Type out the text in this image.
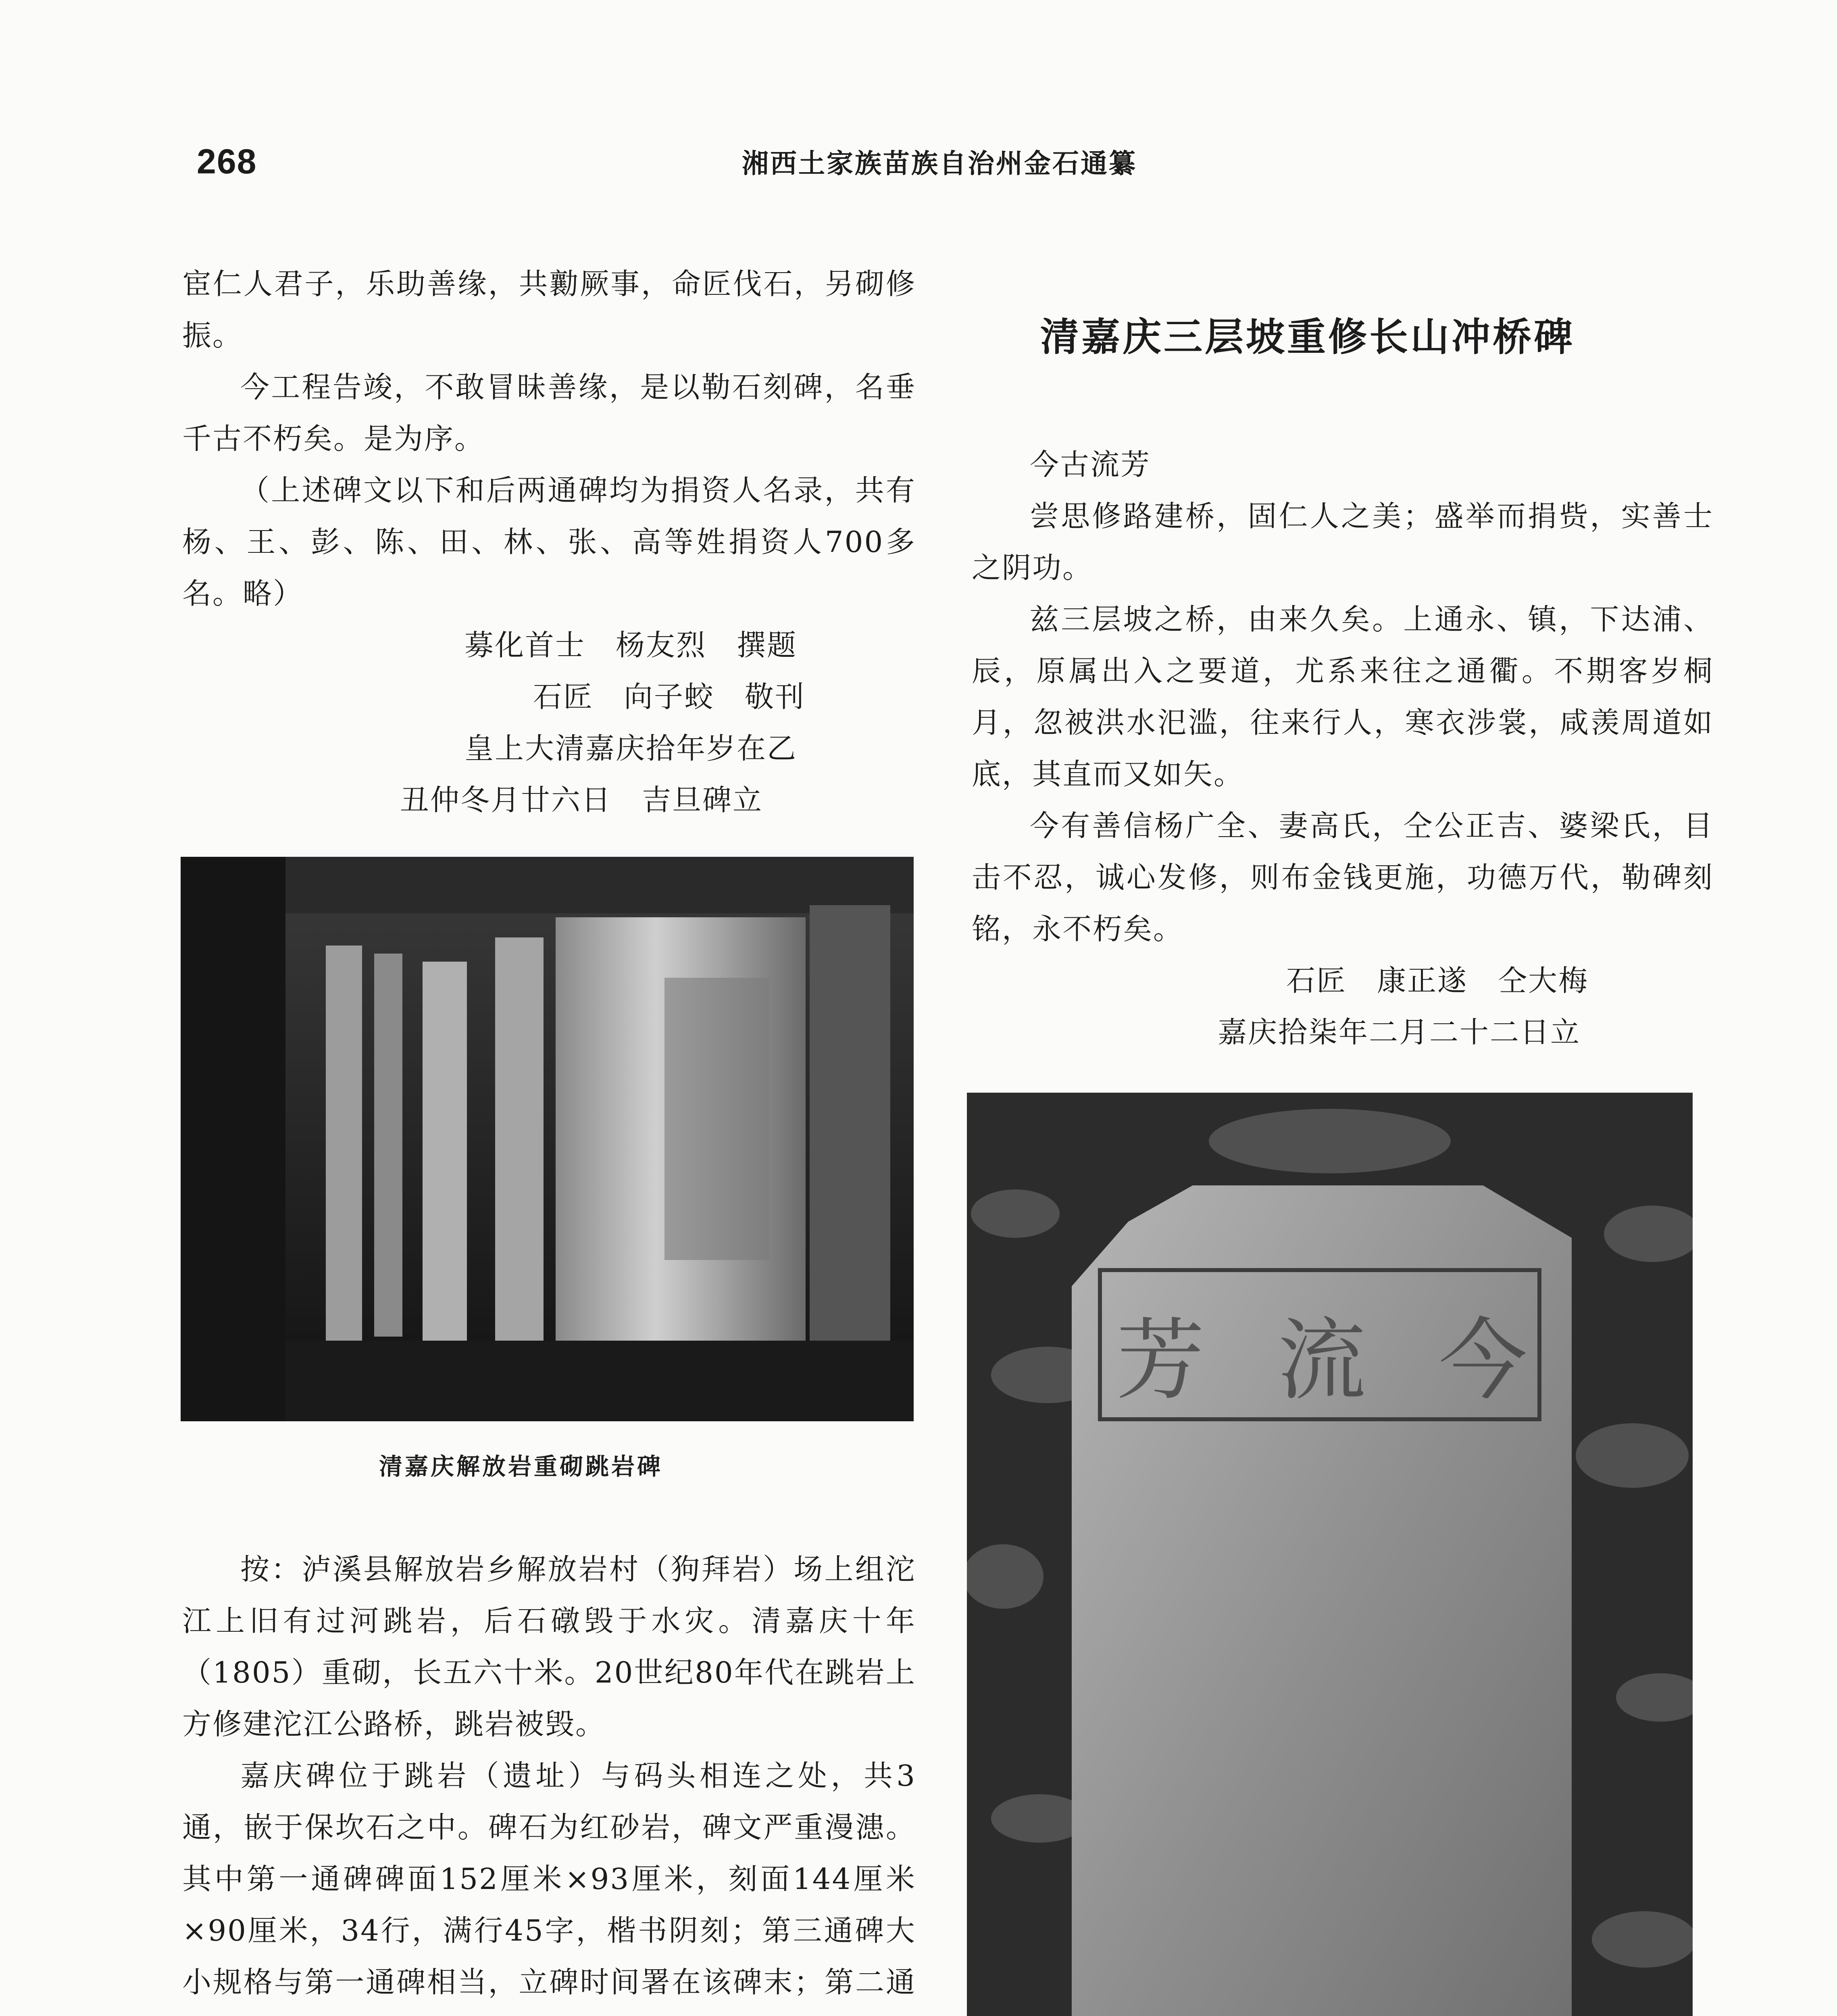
268	湘西土家族苗族自治州金石通纂

宦仁人君子，乐助善缘，共勷厥事，命匠伐石，另砌修振。

今工程告竣，不敢冒昧善缘，是以勒石刻碑，名垂千古不朽矣。是为序。

（上述碑文以下和后两通碑均为捐资人名录，共有杨、王、彭、陈、田、林、张、高等姓捐资人700多名。略）

募化首士　杨友烈　撰题
石匠　向子蛟　敬刊
皇上大清嘉庆拾年岁在乙
丑仲冬月廿六日　吉旦碑立
清嘉庆解放岩重砌跳岩碑

按：泸溪县解放岩乡解放岩村（狗拜岩）场上组沱江上旧有过河跳岩，后石礅毁于水灾。清嘉庆十年（1805）重砌，长五六十米。20世纪80年代在跳岩上方修建沱江公路桥，跳岩被毁。

嘉庆碑位于跳岩（遗址）与码头相连之处，共3通，嵌于保坎石之中。碑石为红砂岩，碑文严重漫漶。其中第一通碑碑面152厘米×93厘米，刻面144厘米×90厘米，34行，满行45字，楷书阴刻；第三通碑大小规格与第一通碑相当，立碑时间署在该碑末；第二通

清嘉庆三层坡重修长山冲桥碑

今古流芳

尝思修路建桥，固仁人之美；盛举而捐赀，实善士之阴功。

兹三层坡之桥，由来久矣。上通永、镇，下达浦、辰，原属出入之要道，尤系来往之通衢。不期客岁桐月，忽被洪水汜滥，往来行人，寒衣涉裳，咸羡周道如底，其直而又如矢。

今有善信杨广全、妻高氏，仝公正吉、婆梁氏，目击不忍，诚心发修，则布金钱更施，功德万代，勒碑刻铭，永不朽矣。

石匠　康正遂　仝大梅
嘉庆拾柒年二月二十二日立
芳 流 今
